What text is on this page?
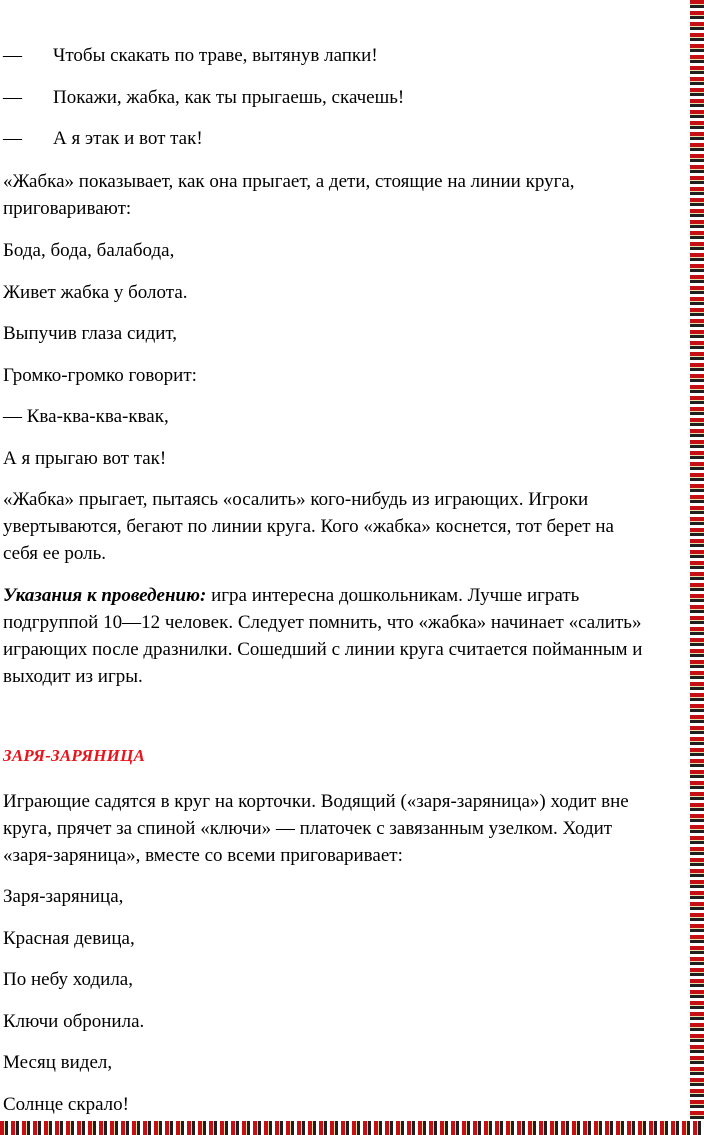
— Чтобы скакать по траве, вытянув лапки!
— Покажи, жабка, как ты прыгаешь, скачешь!
— А я этак и вот так!
«Жабка» показывает, как она прыгает, а дети, стоящие на линии круга,
приговаривают:
Бода, бода, балабода,
Живет жабка у болота.
Выпучив глаза сидит,
Громко-громко говорит:
— Ква-ква-ква-квак,
А я прыгаю вот так!
«Жабка» прыгает, пытаясь «осалить» кого-нибудь из играющих. Игроки
увертываются, бегают по линии круга. Кого «жабка» коснется, тот берет на
себя ее роль.
Указания к проведению: игра интересна дошкольникам. Лучше играть
подгруппой 10—12 человек. Следует помнить, что «жабка» начинает «салить»
играющих после дразнилки. Сошедший с линии круга считается пойманным и
выходит из игры.
ЗАРЯ-ЗАРЯНИЦА
Играющие садятся в круг на корточки. Водящий («заря-заряница») ходит вне
круга, прячет за спиной «ключи» — платочек с завязанным узелком. Ходит
«заря-заряница», вместе со всеми приговаривает:
Заря-заряница,
Красная девица,
По небу ходила,
Ключи обронила.
Месяц видел,
Солнце скрало!
